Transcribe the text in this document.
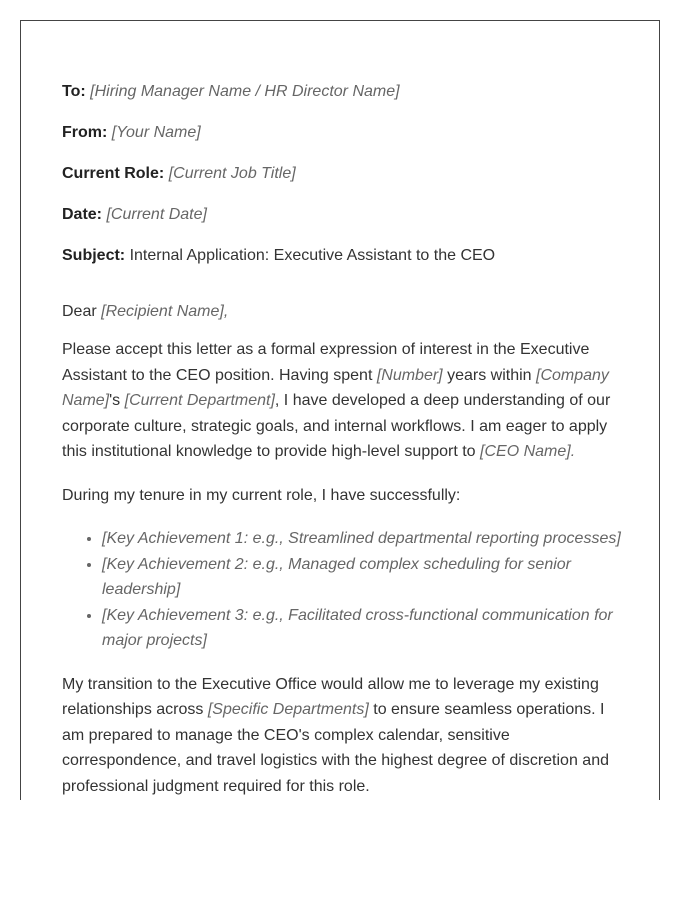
To: [Hiring Manager Name / HR Director Name]
From: [Your Name]
Current Role: [Current Job Title]
Date: [Current Date]
Subject: Internal Application: Executive Assistant to the CEO

Dear [Recipient Name],

Please accept this letter as a formal expression of interest in the Executive Assistant to the CEO position. Having spent [Number] years within [Company Name]'s [Current Department], I have developed a deep understanding of our corporate culture, strategic goals, and internal workflows. I am eager to apply this institutional knowledge to provide high-level support to [CEO Name].

During my tenure in my current role, I have successfully:

• [Key Achievement 1: e.g., Streamlined departmental reporting processes]
• [Key Achievement 2: e.g., Managed complex scheduling for senior leadership]
• [Key Achievement 3: e.g., Facilitated cross-functional communication for major projects]

My transition to the Executive Office would allow me to leverage my existing relationships across [Specific Departments] to ensure seamless operations. I am prepared to manage the CEO's complex calendar, sensitive correspondence, and travel logistics with the highest degree of discretion and professional judgment required for this role.
